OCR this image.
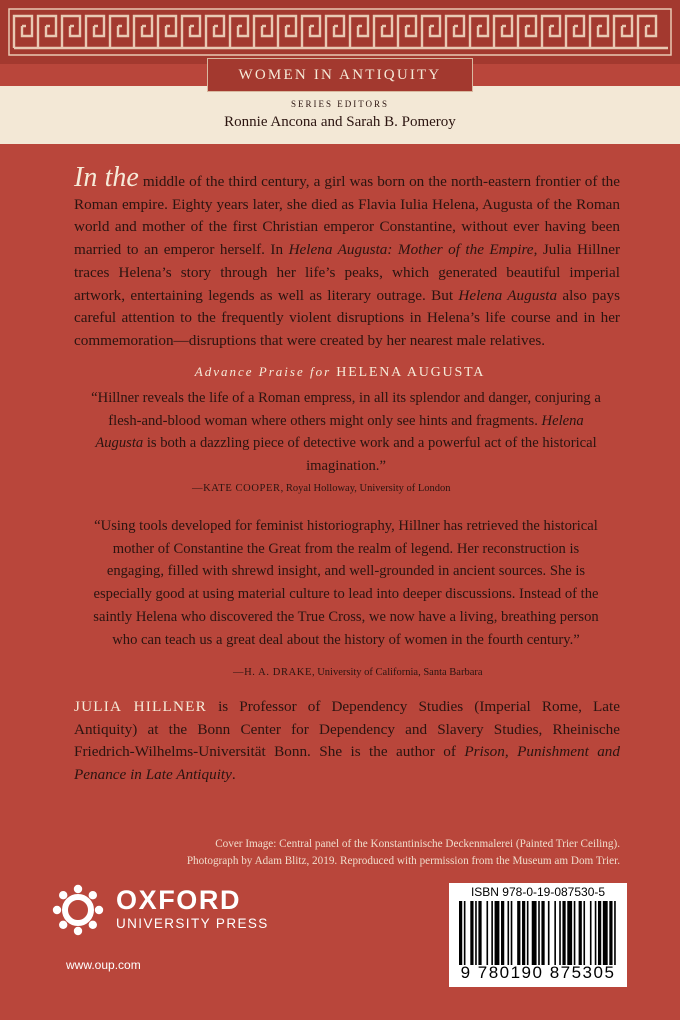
WOMEN IN ANTIQUITY
SERIES EDITORS
Ronnie Ancona and Sarah B. Pomeroy
In the middle of the third century, a girl was born on the north-eastern frontier of the Roman empire. Eighty years later, she died as Flavia Iulia Helena, Augusta of the Roman world and mother of the first Christian emperor Constantine, without ever having been married to an emperor herself. In Helena Augusta: Mother of the Empire, Julia Hillner traces Helena’s story through her life’s peaks, which generated beautiful imperial artwork, entertaining legends as well as literary outrage. But Helena Augusta also pays careful attention to the frequently violent disruptions in Helena’s life course and in her commemoration—disruptions that were created by her nearest male relatives.
Advance Praise for HELENA AUGUSTA
“Hillner reveals the life of a Roman empress, in all its splendor and danger, conjuring a flesh-and-blood woman where others might only see hints and fragments. Helena Augusta is both a dazzling piece of detective work and a powerful act of the historical imagination.”
—KATE COOPER, Royal Holloway, University of London
“Using tools developed for feminist historiography, Hillner has retrieved the historical mother of Constantine the Great from the realm of legend. Her reconstruction is engaging, filled with shrewd insight, and well-grounded in ancient sources. She is especially good at using material culture to lead into deeper discussions. Instead of the saintly Helena who discovered the True Cross, we now have a living, breathing person who can teach us a great deal about the history of women in the fourth century.”
—H. A. DRAKE, University of California, Santa Barbara
JULIA HILLNER is Professor of Dependency Studies (Imperial Rome, Late Antiquity) at the Bonn Center for Dependency and Slavery Studies, Rheinische Friedrich-Wilhelms-Universität Bonn. She is the author of Prison, Punishment and Penance in Late Antiquity.
Cover Image: Central panel of the Konstantinische Deckenmalerei (Painted Trier Ceiling).
Photograph by Adam Blitz, 2019. Reproduced with permission from the Museum am Dom Trier.
OXFORD
UNIVERSITY PRESS
www.oup.com
ISBN 978-0-19-087530-5
9 780190 875305
